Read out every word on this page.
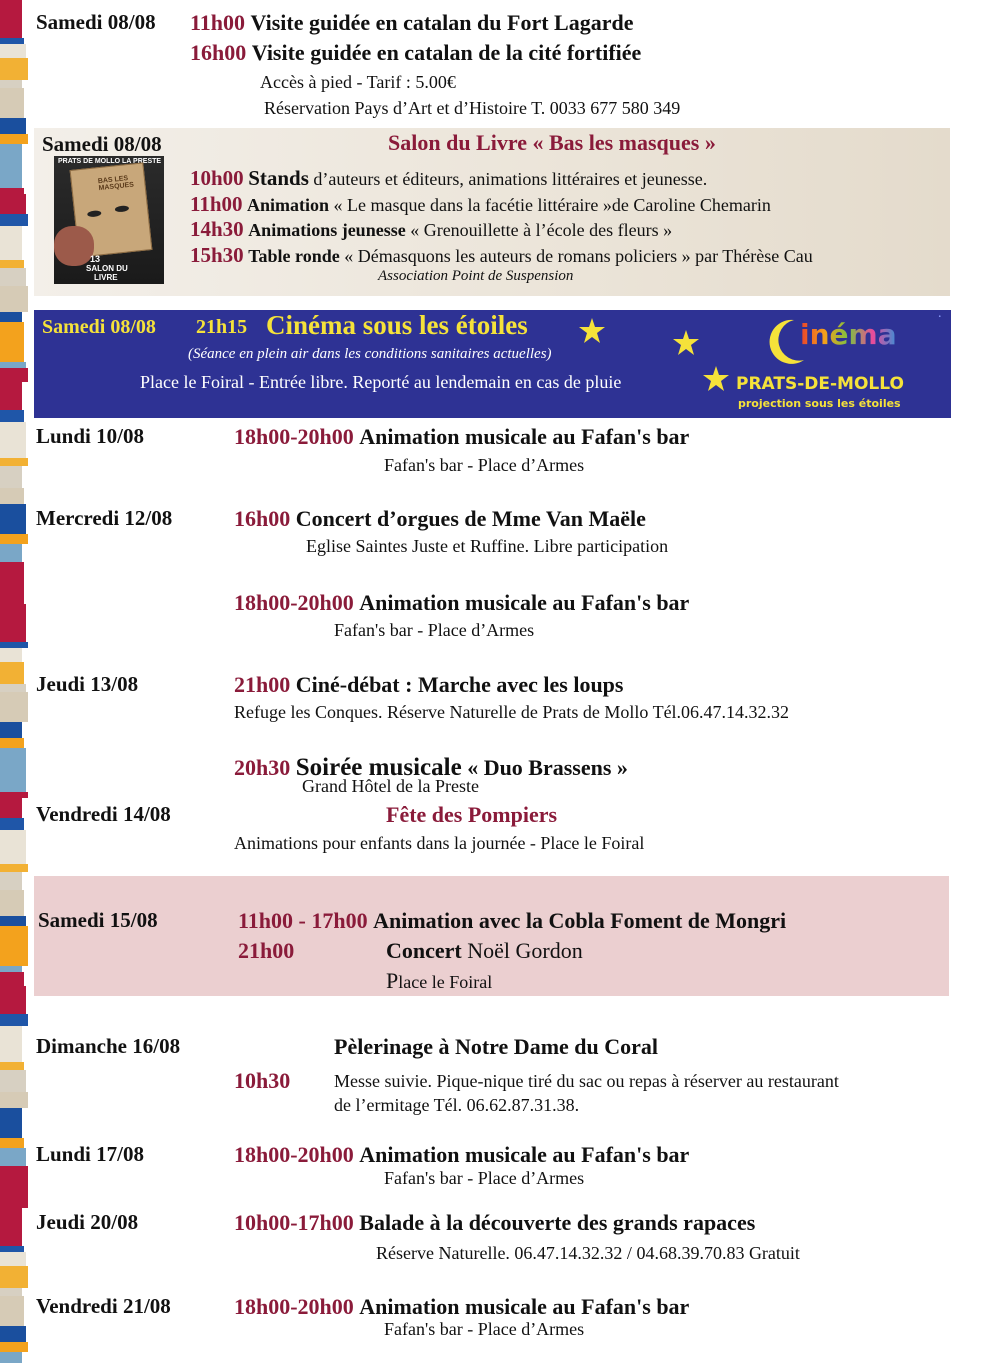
Samedi 08/08 11h00 Visite guidée en catalan du Fort Lagarde
16h00 Visite guidée en catalan de la cité fortifiée
Accès à pied - Tarif : 5.00€
Réservation Pays d’Art et d’Histoire T. 0033 677 580 349
Samedi 08/08	Salon du Livre « Bas les masques »
PRATS DE MOLLO LA PRESTE
BAS LES MASQUES
13
SALON DU
LIVRE
10h00 Stands d’auteurs et éditeurs, animations littéraires et jeunesse.
11h00 Animation « Le masque dans la facétie littéraire »de Caroline Chemarin
14h30 Animations jeunesse « Grenouillette à l’école des fleurs »
15h30 Table ronde « Démasquons les auteurs de romans policiers » par Thérèse Cau
Association Point de Suspension
Samedi 08/08 21h15 Cinéma sous les étoiles
(Séance en plein air dans les conditions sanitaires actuelles)
Place le Foiral - Entrée libre. Reporté au lendemain en cas de pluie
inéma
PRATS-DE-MOLLO
projection sous les étoiles
.
Lundi 10/08	18h00-20h00 Animation musicale au Fafan's bar
Fafan's bar - Place d’Armes
Mercredi 12/08	16h00 Concert d’orgues de Mme Van Maële
Eglise Saintes Juste et Ruffine. Libre participation
18h00-20h00 Animation musicale au Fafan's bar
Fafan's bar - Place d’Armes
Jeudi 13/08	21h00 Ciné-débat : Marche avec les loups
Refuge les Conques. Réserve Naturelle de Prats de Mollo Tél.06.47.14.32.32
20h30 Soirée musicale « Duo Brassens »
Grand Hôtel de la Preste
Vendredi 14/08	Fête des Pompiers
Animations pour enfants dans la journée - Place le Foiral
Samedi 15/08	11h00 - 17h00 Animation avec la Cobla Foment de Mongri
21h00	Concert Noël Gordon
Place le Foiral
Dimanche 16/08	Pèlerinage à Notre Dame du Coral
10h30 Messe suivie. Pique-nique tiré du sac ou repas à réserver au restaurant
de l’ermitage Tél. 06.62.87.31.38.
Lundi 17/08	18h00-20h00 Animation musicale au Fafan's bar
Fafan's bar - Place d’Armes
Jeudi 20/08	10h00-17h00 Balade à la découverte des grands rapaces
Réserve Naturelle. 06.47.14.32.32 / 04.68.39.70.83 Gratuit
Vendredi 21/08	18h00-20h00 Animation musicale au Fafan's bar
Fafan's bar - Place d’Armes
